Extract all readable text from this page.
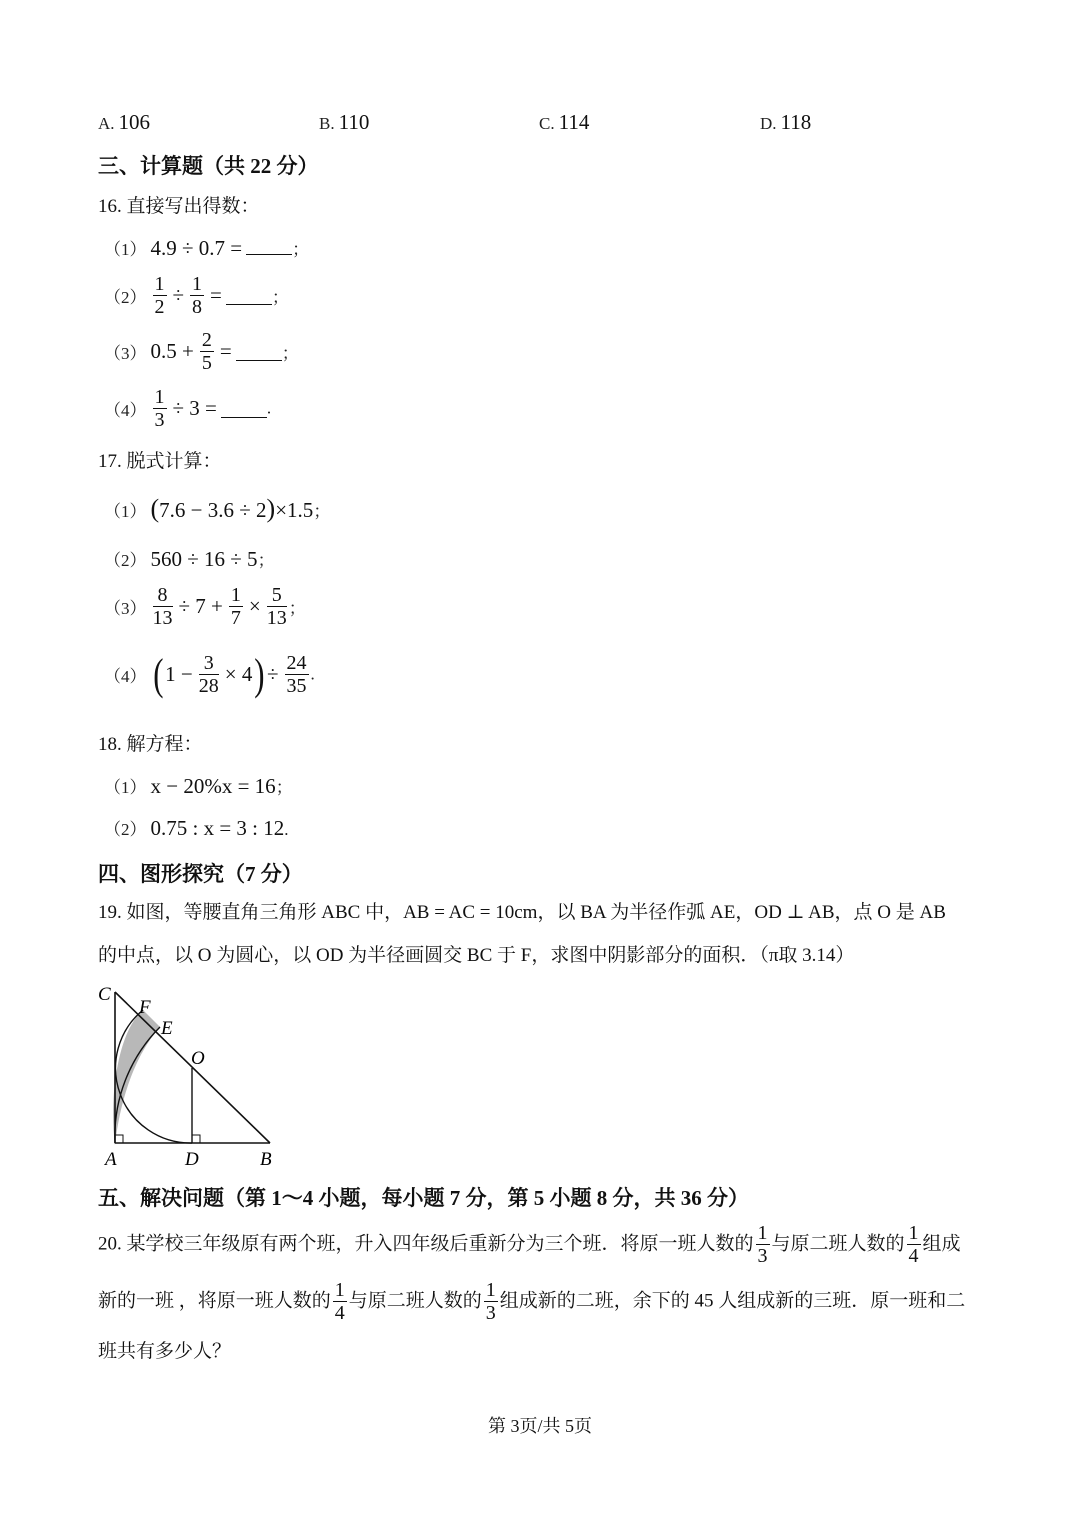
A. 106	B. 110	C. 114	D. 118
三、计算题（共 22 分）
16. 直接写出得数：
（1） 4.9 ÷ 0.7 =	；
$(2) \frac{1}{2} \div \frac{1}{8}$ =	；
（3） $0.5 + \frac{2}{5}$ =	；
$(4) \frac{1}{3} \div 3$ =	.
17. 脱式计算：
（1） (7.6 − 3.6 ÷ 2)×1.5；
（2） 560 ÷ 16 ÷ 5；
$(3) \frac{8}{13} \div 7 + \frac{1}{7} \times \frac{5}{13}$ ；
（4） ( $1 - \frac{3}{28} \times 4) \div \frac{24}{35}$ .
18. 解方程：
（1） x − 20%x = 16；
（2） 0.75 : x = 3 : 12.
四、图形探究（7 分）
19. 如图，等腰直角三角形 ABC 中，AB = AC = 10cm，以 BA 为半径作弧 AE，OD ⊥ AB，点 O 是 AB
的中点，以 O 为圆心，以 OD 为半径画圆交 BC 于 F，求图中阴影部分的面积．（π取 3.14）
C
F
E
O
A	D	B
五、解决问题（第 1～4 小题，每小题 7 分，第 5 小题 8 分，共 36 分）
20. 某学校三年级原有两个班，升入四年级后重新分为三个班．将原一班人数的 $\frac{1}{3}$ 与原二班人数的 $\frac{1}{4}$ 组成
新的一班 ，将原一班人数的 $\frac{1}{4}$ 与原二班人数的 $\frac{1}{3}$ 组成新的二班，余下的 45 人组成新的三班．原一班和二
班共有多少人？
第 3页/共 5页
